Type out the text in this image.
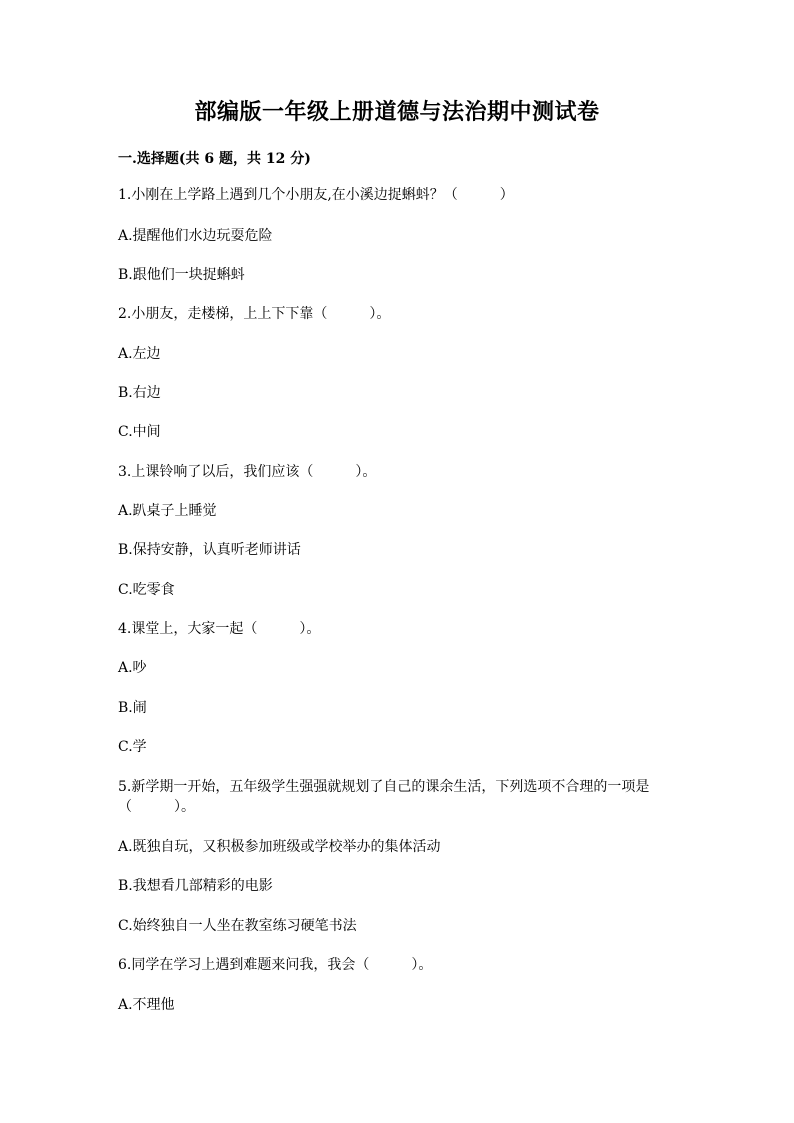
部编版一年级上册道德与法治期中测试卷
一.选择题(共 6 题，共 12 分)
1.小刚在上学路上遇到几个小朋友,在小溪边捉蝌蚪？（　　　）
A.提醒他们水边玩耍危险
B.跟他们一块捉蝌蚪
2.小朋友，走楼梯，上上下下靠（　　　）。
A.左边
B.右边
C.中间
3.上课铃响了以后，我们应该（　　　）。
A.趴桌子上睡觉
B.保持安静，认真听老师讲话
C.吃零食
4.课堂上，大家一起（　　　）。
A.吵
B.闹
C.学
5.新学期一开始，五年级学生强强就规划了自己的课余生活，下列选项不合理的一项是（　　　）。
A.既独自玩，又积极参加班级或学校举办的集体活动
B.我想看几部精彩的电影
C.始终独自一人坐在教室练习硬笔书法
6.同学在学习上遇到难题来问我，我会（　　　）。
A.不理他
